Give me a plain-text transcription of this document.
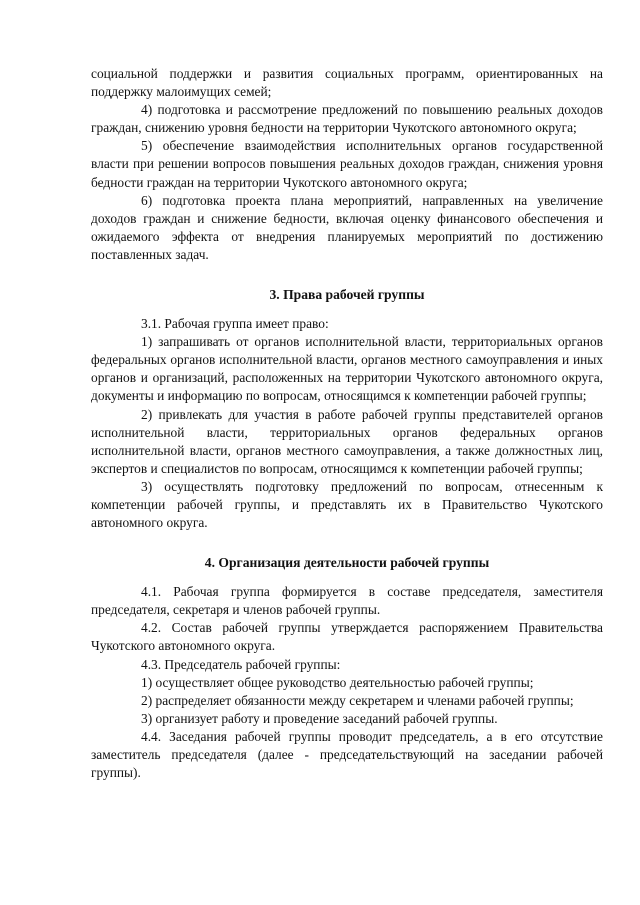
социальной поддержки и развития социальных программ, ориентированных на поддержку малоимущих семей;

4) подготовка и рассмотрение предложений по повышению реальных доходов граждан, снижению уровня бедности на территории Чукотского автономного округа;

5) обеспечение взаимодействия исполнительных органов государственной власти при решении вопросов повышения реальных доходов граждан, снижения уровня бедности граждан на территории Чукотского автономного округа;

6) подготовка проекта плана мероприятий, направленных на увеличение доходов граждан и снижение бедности, включая оценку финансового обеспечения и ожидаемого эффекта от внедрения планируемых мероприятий по достижению поставленных задач.

3. Права рабочей группы

3.1. Рабочая группа имеет право:

1) запрашивать от органов исполнительной власти, территориальных органов федеральных органов исполнительной власти, органов местного самоуправления и иных органов и организаций, расположенных на территории Чукотского автономного округа, документы и информацию по вопросам, относящимся к компетенции рабочей группы;

2) привлекать для участия в работе рабочей группы представителей органов исполнительной власти, территориальных органов федеральных органов исполнительной власти, органов местного самоуправления, а также должностных лиц, экспертов и специалистов по вопросам, относящимся к компетенции рабочей группы;

3) осуществлять подготовку предложений по вопросам, отнесенным к компетенции рабочей группы, и представлять их в Правительство Чукотского автономного округа.

4. Организация деятельности рабочей группы

4.1. Рабочая группа формируется в составе председателя, заместителя председателя, секретаря и членов рабочей группы.

4.2. Состав рабочей группы утверждается распоряжением Правительства Чукотского автономного округа.

4.3. Председатель рабочей группы:

1) осуществляет общее руководство деятельностью рабочей группы;

2) распределяет обязанности между секретарем и членами рабочей группы;

3) организует работу и проведение заседаний рабочей группы.

4.4. Заседания рабочей группы проводит председатель, а в его отсутствие заместитель председателя (далее - председательствующий на заседании рабочей группы).
